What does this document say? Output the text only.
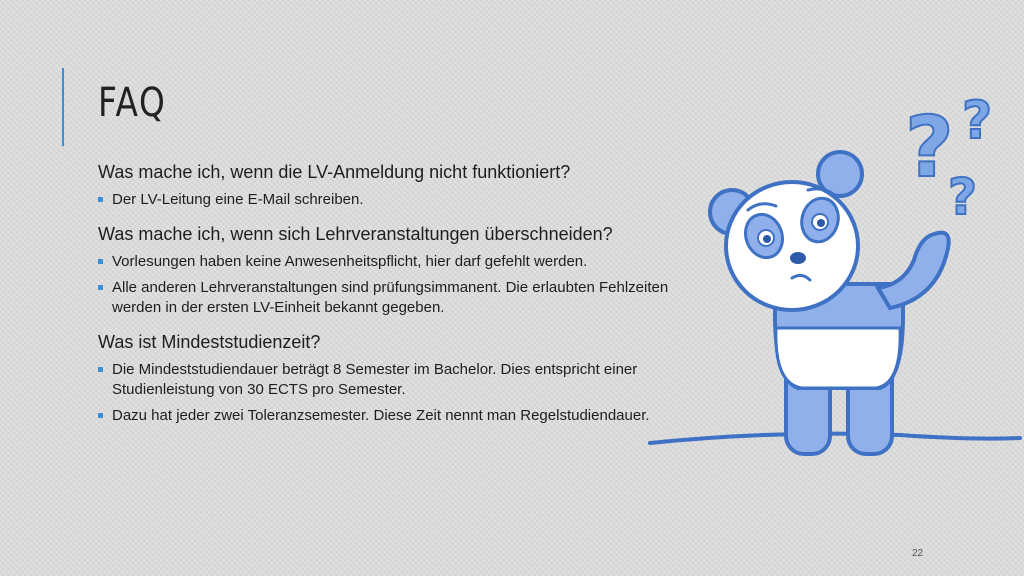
FAQ
Was mache ich, wenn die LV-Anmeldung nicht funktioniert?
Der LV-Leitung eine E-Mail schreiben.
Was mache ich, wenn sich Lehrveranstaltungen überschneiden?
Vorlesungen haben keine Anwesenheitspflicht, hier darf gefehlt werden.
Alle anderen Lehrveranstaltungen sind prüfungsimmanent. Die erlaubten Fehlzeiten werden in der ersten LV-Einheit bekannt gegeben.
Was ist Mindeststudienzeit?
Die Mindeststudiendauer beträgt 8 Semester im Bachelor. Dies entspricht einer Studienleistung von 30 ECTS pro Semester.
Dazu hat jeder zwei Toleranzsemester. Diese Zeit nennt man Regelstudiendauer.
? ?
?
22
